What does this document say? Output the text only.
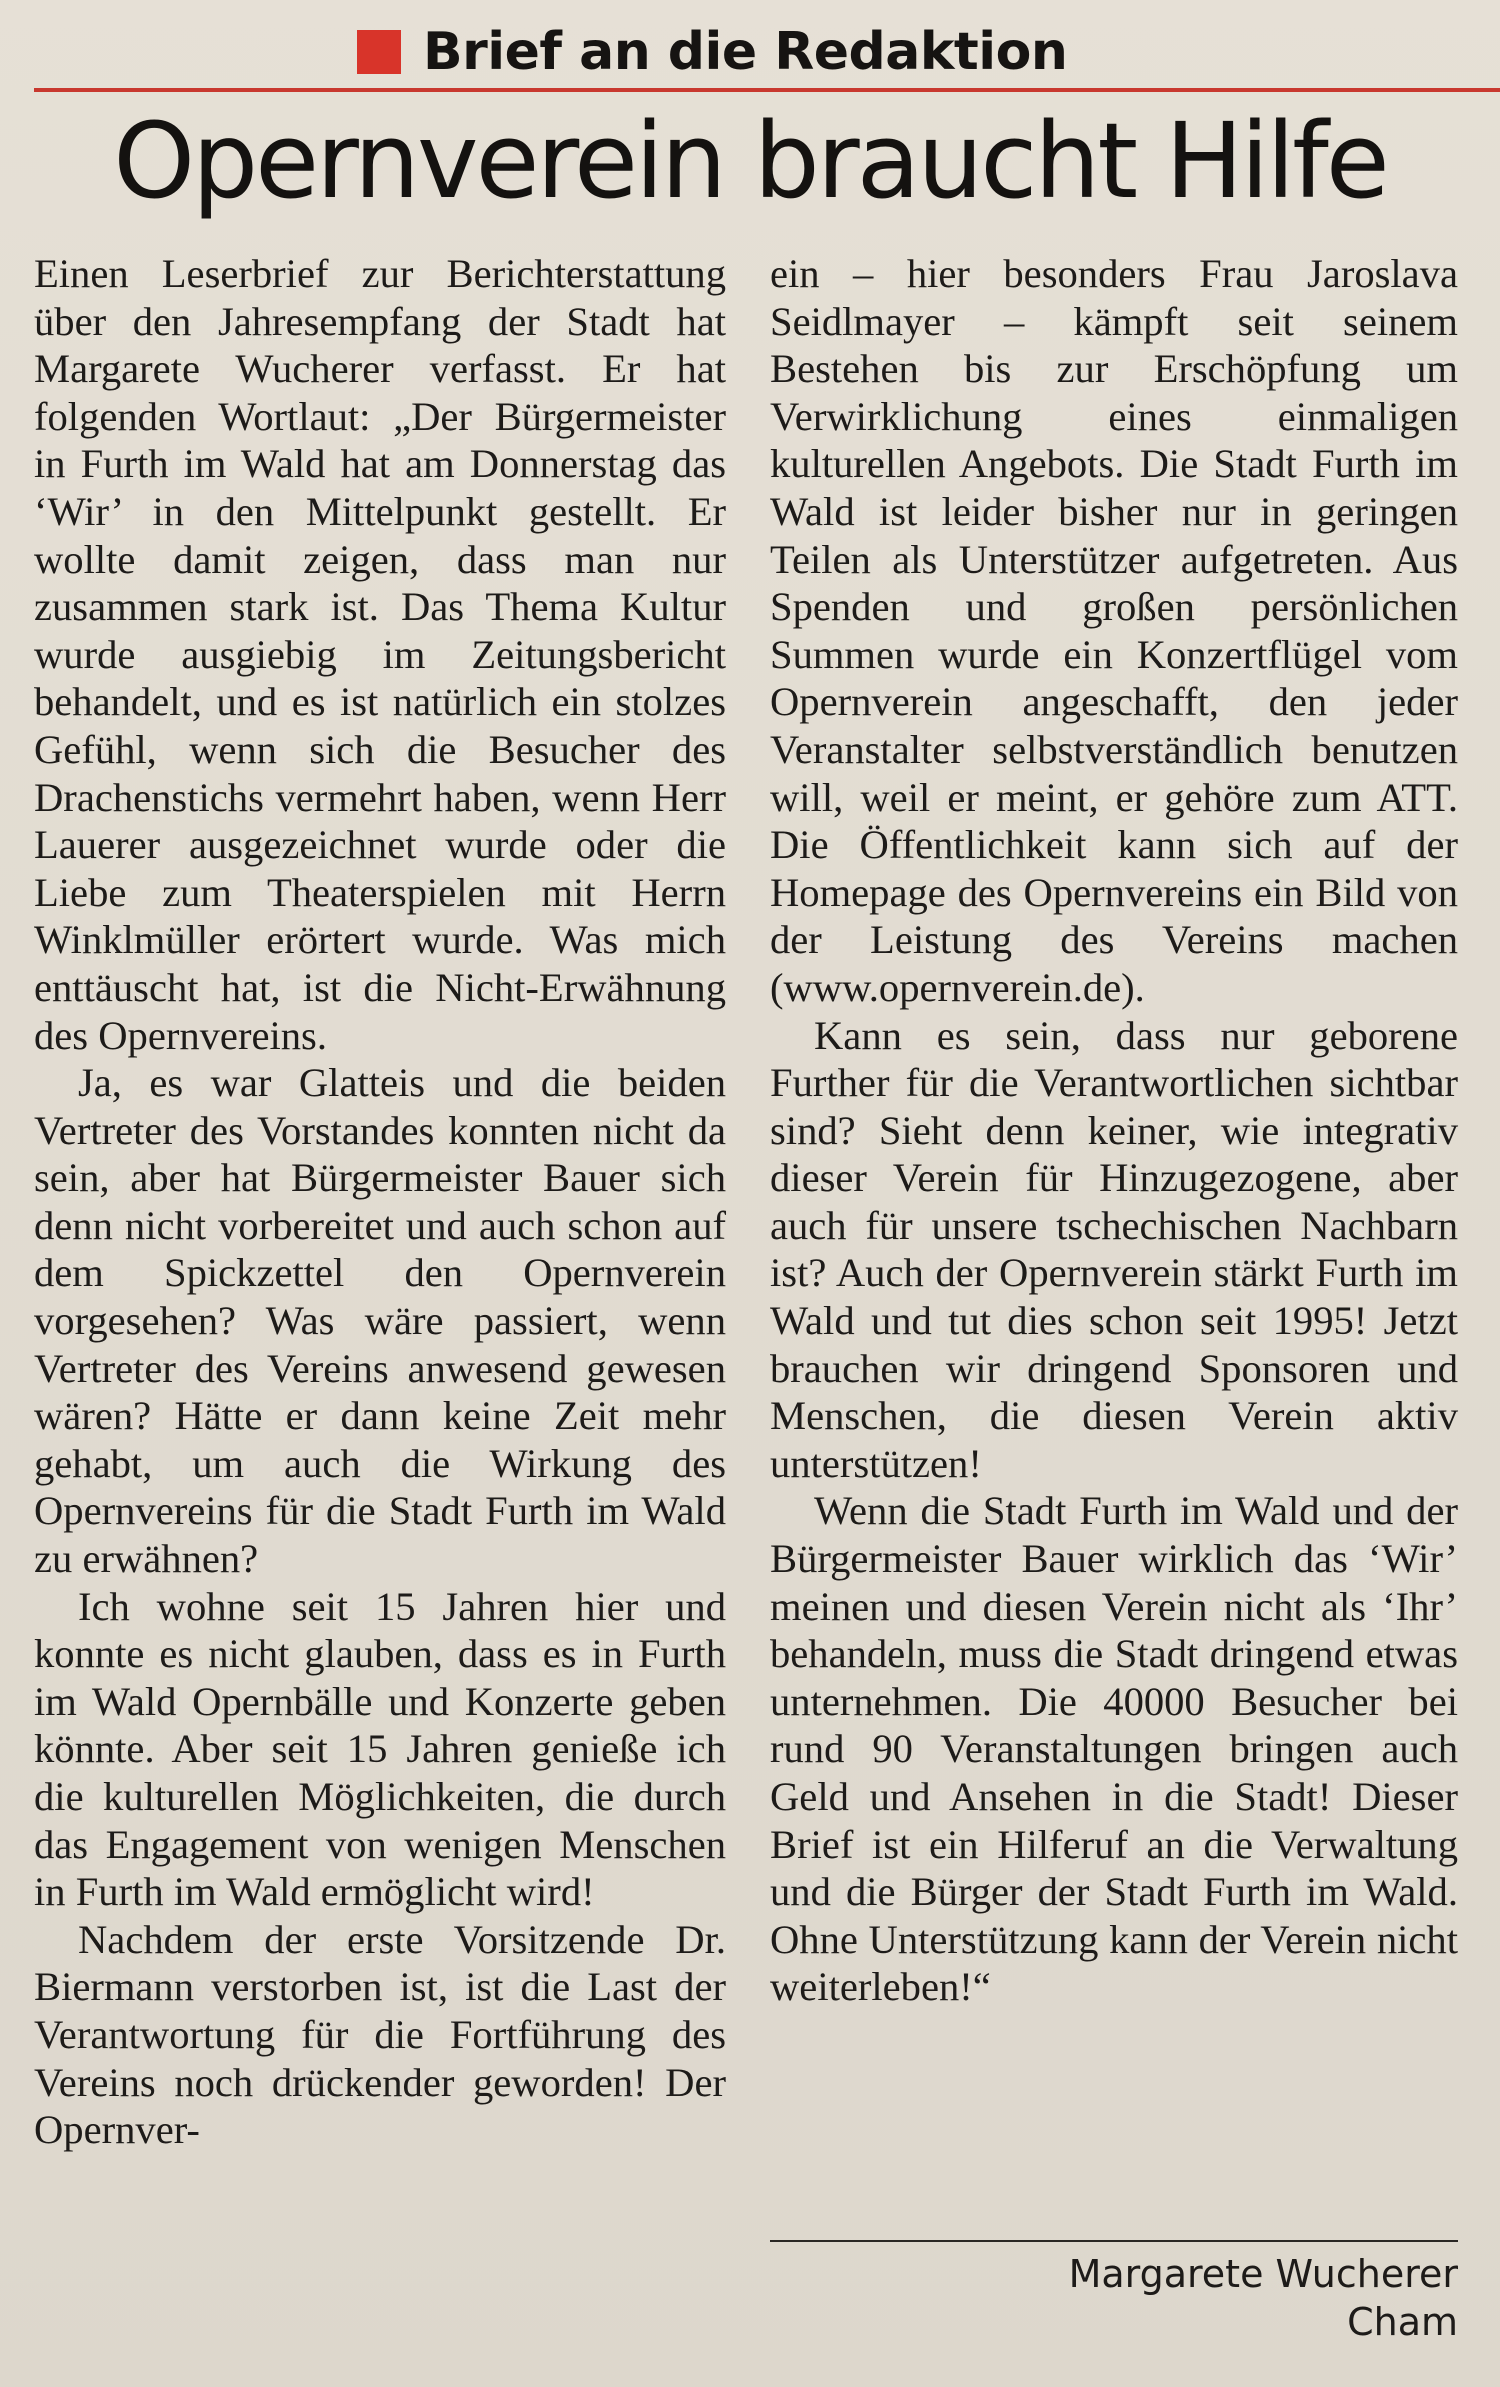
Brief an die Redaktion
Opernverein braucht Hilfe

Einen Leserbrief zur Berichterstattung über den Jahresempfang der Stadt hat Margarete Wucherer verfasst. Er hat folgenden Wortlaut: „Der Bürgermeister in Furth im Wald hat am Donnerstag das ‘Wir’ in den Mittelpunkt gestellt. Er wollte damit zeigen, dass man nur zusammen stark ist. Das Thema Kultur wurde ausgiebig im Zeitungsbericht behandelt, und es ist natürlich ein stolzes Gefühl, wenn sich die Besucher des Drachenstichs vermehrt haben, wenn Herr Lauerer ausgezeichnet wurde oder die Liebe zum Theaterspielen mit Herrn Winklmüller erörtert wurde. Was mich enttäuscht hat, ist die Nicht-Erwähnung des Opernvereins.

Ja, es war Glatteis und die beiden Vertreter des Vorstandes konnten nicht da sein, aber hat Bürgermeister Bauer sich denn nicht vorbereitet und auch schon auf dem Spickzettel den Opernverein vorgesehen? Was wäre passiert, wenn Vertreter des Vereins anwesend gewesen wären? Hätte er dann keine Zeit mehr gehabt, um auch die Wirkung des Opernvereins für die Stadt Furth im Wald zu erwähnen?

Ich wohne seit 15 Jahren hier und konnte es nicht glauben, dass es in Furth im Wald Opernbälle und Konzerte geben könnte. Aber seit 15 Jahren genieße ich die kulturellen Möglichkeiten, die durch das Engagement von wenigen Menschen in Furth im Wald ermöglicht wird!

Nachdem der erste Vorsitzende Dr. Biermann verstorben ist, ist die Last der Verantwortung für die Fortführung des Vereins noch drückender geworden! Der Opernver-

ein – hier besonders Frau Jaroslava Seidlmayer – kämpft seit seinem Bestehen bis zur Erschöpfung um Verwirklichung eines einmaligen kulturellen Angebots. Die Stadt Furth im Wald ist leider bisher nur in geringen Teilen als Unterstützer aufgetreten. Aus Spenden und großen persönlichen Summen wurde ein Konzertflügel vom Opernverein angeschafft, den jeder Veranstalter selbstverständlich benutzen will, weil er meint, er gehöre zum ATT. Die Öffentlichkeit kann sich auf der Homepage des Opernvereins ein Bild von der Leistung des Vereins machen (www.opernverein.de).

Kann es sein, dass nur geborene Further für die Verantwortlichen sichtbar sind? Sieht denn keiner, wie integrativ dieser Verein für Hinzugezogene, aber auch für unsere tschechischen Nachbarn ist? Auch der Opernverein stärkt Furth im Wald und tut dies schon seit 1995! Jetzt brauchen wir dringend Sponsoren und Menschen, die diesen Verein aktiv unterstützen!

Wenn die Stadt Furth im Wald und der Bürgermeister Bauer wirklich das ‘Wir’ meinen und diesen Verein nicht als ‘Ihr’ behandeln, muss die Stadt dringend etwas unternehmen. Die 40000 Besucher bei rund 90 Veranstaltungen bringen auch Geld und Ansehen in die Stadt! Dieser Brief ist ein Hilferuf an die Verwaltung und die Bürger der Stadt Furth im Wald. Ohne Unterstützung kann der Verein nicht weiterleben!“

Margarete Wucherer
Cham
